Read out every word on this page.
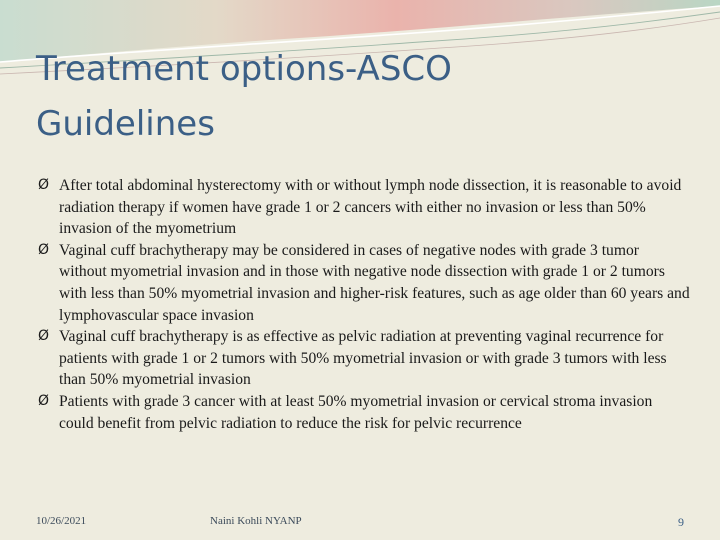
Treatment options-ASCO
Guidelines
Ø After total abdominal hysterectomy with or without lymph node dissection, it is reasonable to avoid radiation therapy if women have grade 1 or 2 cancers with either no invasion or less than 50% invasion of the myometrium
Ø Vaginal cuff brachytherapy may be considered in cases of negative nodes with grade 3 tumor without myometrial invasion and in those with negative node dissection with grade 1 or 2 tumors with less than 50% myometrial invasion and higher-risk features, such as age older than 60 years and lymphovascular space invasion
Ø Vaginal cuff brachytherapy is as effective as pelvic radiation at preventing vaginal recurrence for patients with grade 1 or 2 tumors with 50% myometrial invasion or with grade 3 tumors with less than 50% myometrial invasion
Ø Patients with grade 3 cancer with at least 50% myometrial invasion or cervical stroma invasion could benefit from pelvic radiation to reduce the risk for pelvic recurrence
10/26/2021	Naini Kohli NYANP	9
